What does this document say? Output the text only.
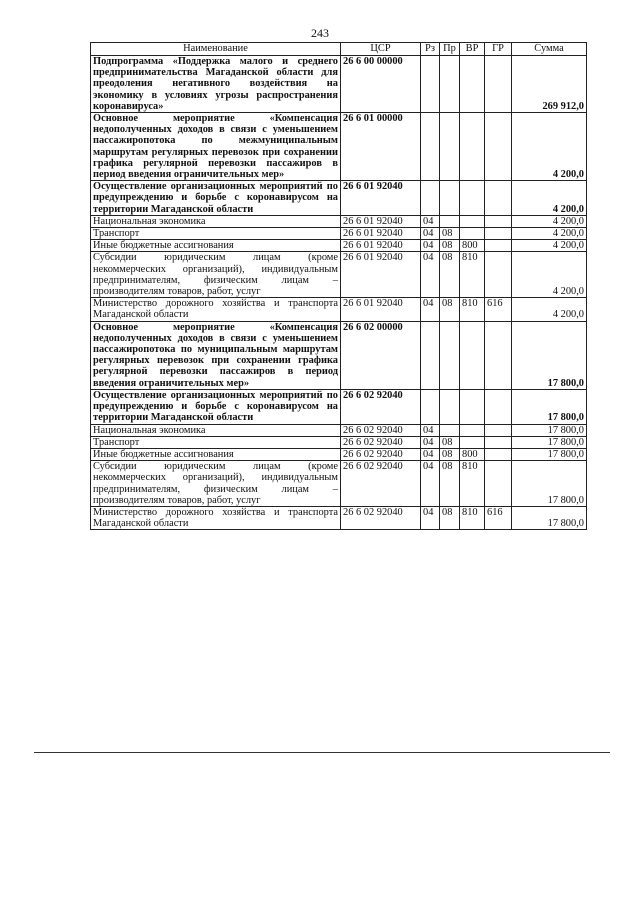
243
Наименование	ЦСР	Рз	Пр	ВР	ГР	Сумма
Подпрограмма «Поддержка малого и среднего предпринимательства Магаданской области для преодоления негативного воздействия на экономику в условиях угрозы распространения коронавируса»	26 6 00 00000					269 912,0
Основное мероприятие «Компенсация недополученных доходов в связи с уменьшением пассажиропотока по межмуниципальным маршрутам регулярных перевозок при сохранении графика регулярной перевозки пассажиров в период введения ограничительных мер»	26 6 01 00000					4 200,0
Осуществление организационных мероприятий по предупреждению и борьбе с коронавирусом на территории Магаданской области	26 6 01 92040					4 200,0
Национальная экономика	26 6 01 92040	04				4 200,0
Транспорт	26 6 01 92040	04	08			4 200,0
Иные бюджетные ассигнования	26 6 01 92040	04	08	800		4 200,0
Субсидии юридическим лицам (кроме некоммерческих организаций), индивидуальным предпринимателям, физическим лицам – производителям товаров, работ, услуг	26 6 01 92040	04	08	810		4 200,0
Министерство дорожного хозяйства и транспорта Магаданской области	26 6 01 92040	04	08	810	616	4 200,0
Основное мероприятие «Компенсация недополученных доходов в связи с уменьшением пассажиропотока по муниципальным маршрутам регулярных перевозок при сохранении графика регулярной перевозки пассажиров в период введения ограничительных мер»	26 6 02 00000					17 800,0
Осуществление организационных мероприятий по предупреждению и борьбе с коронавирусом на территории Магаданской области	26 6 02 92040					17 800,0
Национальная экономика	26 6 02 92040	04				17 800,0
Транспорт	26 6 02 92040	04	08			17 800,0
Иные бюджетные ассигнования	26 6 02 92040	04	08	800		17 800,0
Субсидии юридическим лицам (кроме некоммерческих организаций), индивидуальным предпринимателям, физическим лицам – производителям товаров, работ, услуг	26 6 02 92040	04	08	810		17 800,0
Министерство дорожного хозяйства и транспорта Магаданской области	26 6 02 92040	04	08	810	616	17 800,0
